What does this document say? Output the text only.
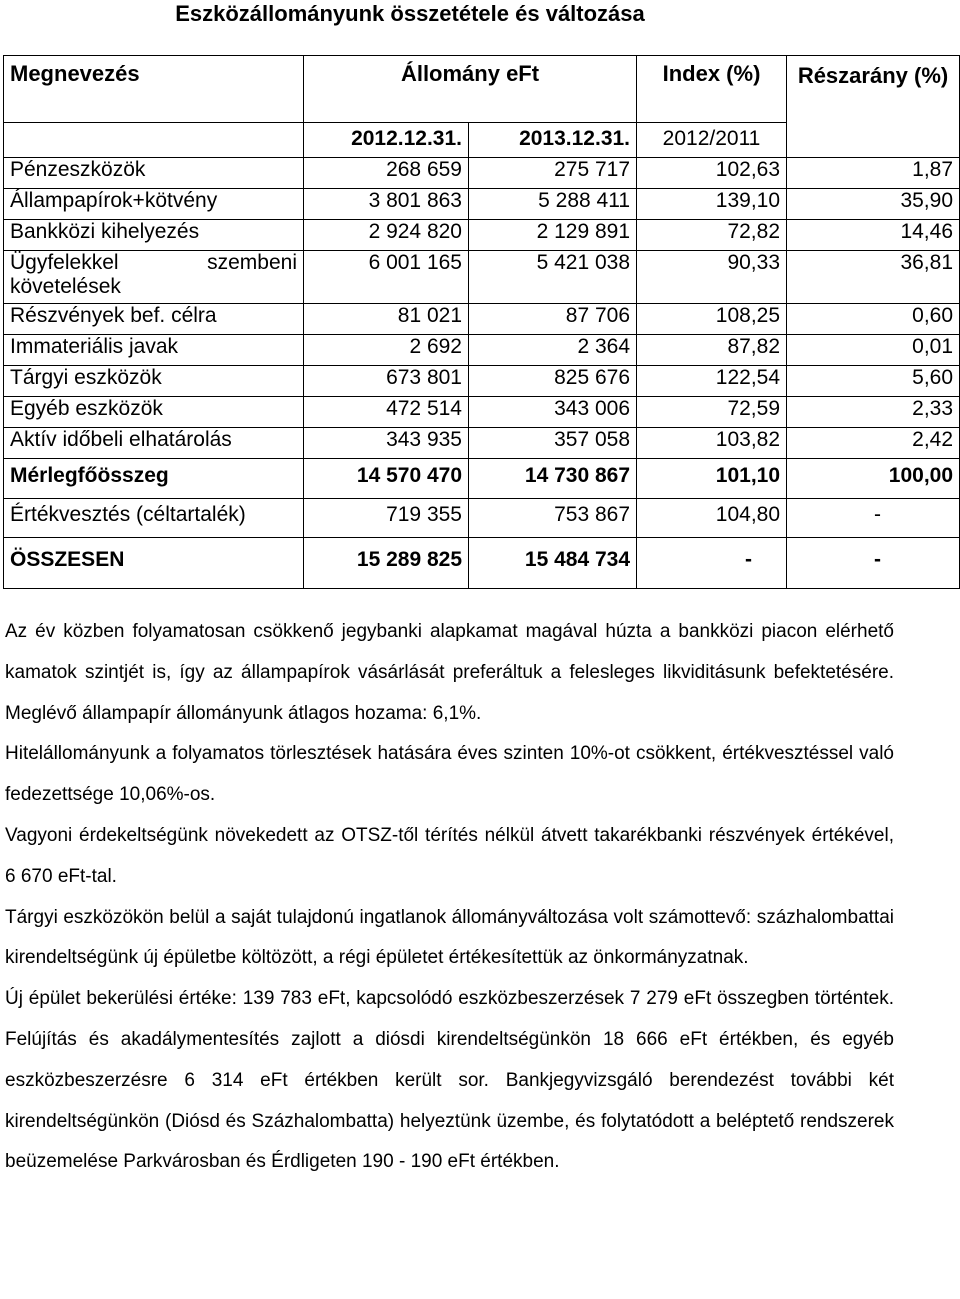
Eszközállományunk összetétele és változása
Megnevezés	Állomány eFt		Index (%)	Részarány (%)
	2012.12.31.	2013.12.31.	2012/2011	
Pénzeszközök	268 659	275 717	102,63	1,87
Állampapírok+kötvény	3 801 863	5 288 411	139,10	35,90
Bankközi kihelyezés	2 924 820	2 129 891	72,82	14,46
Ügyfelekkel szembeni követelések	6 001 165	5 421 038	90,33	36,81
Részvények bef. célra	81 021	87 706	108,25	0,60
Immateriális javak	2 692	2 364	87,82	0,01
Tárgyi eszközök	673 801	825 676	122,54	5,60
Egyéb eszközök	472 514	343 006	72,59	2,33
Aktív időbeli elhatárolás	343 935	357 058	103,82	2,42
Mérlegfőösszeg	14 570 470	14 730 867	101,10	100,00
Értékvesztés (céltartalék)	719 355	753 867	104,80	-
ÖSSZESEN	15 289 825	15 484 734	-	-

Az év közben folyamatosan csökkenő jegybanki alapkamat magával húzta a bankközi piacon elérhető kamatok szintjét is, így az állampapírok vásárlását preferáltuk a felesleges likviditásunk befektetésére. Meglévő állampapír állományunk átlagos hozama: 6,1%.

Hitelállományunk a folyamatos törlesztések hatására éves szinten 10%-ot csökkent, értékvesztéssel való fedezettsége 10,06%-os.

Vagyoni érdekeltségünk növekedett az OTSZ-től térítés nélkül átvett takarékbanki részvények értékével, 6 670 eFt-tal.

Tárgyi eszközökön belül a saját tulajdonú ingatlanok állományváltozása volt számottevő: százhalombattai kirendeltségünk új épületbe költözött, a régi épületet értékesítettük az önkormányzatnak.

Új épület bekerülési értéke: 139 783 eFt, kapcsolódó eszközbeszerzések 7 279 eFt összegben történtek. Felújítás és akadálymentesítés zajlott a diósdi kirendeltségünkön 18 666 eFt értékben, és egyéb eszközbeszerzésre 6 314 eFt értékben került sor. Bankjegyvizsgáló berendezést további két kirendeltségünkön (Diósd és Százhalombatta) helyeztünk üzembe, és folytatódott a beléptető rendszerek beüzemelése Parkvárosban és Érdligeten 190 - 190 eFt értékben.
